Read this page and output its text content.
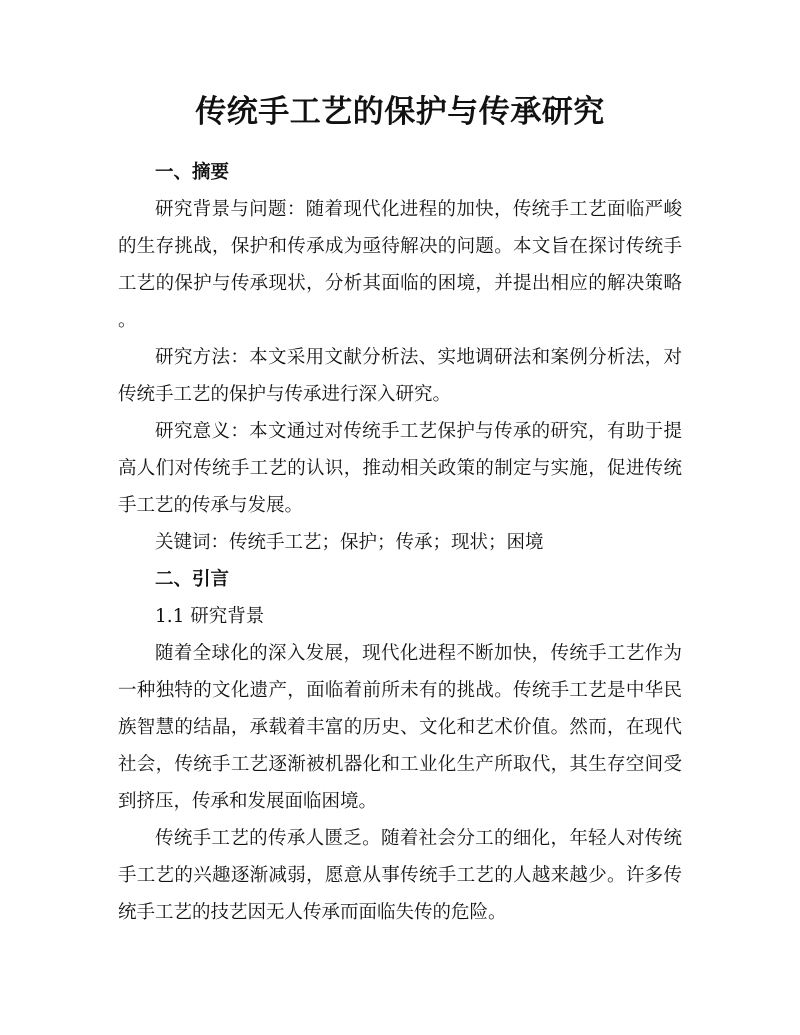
传统手工艺的保护与传承研究
一、摘要

研究背景与问题：随着现代化进程的加快，传统手工艺面临严峻的生存挑战，保护和传承成为亟待解决的问题。本文旨在探讨传统手工艺的保护与传承现状，分析其面临的困境，并提出相应的解决策略。

研究方法：本文采用文献分析法、实地调研法和案例分析法，对传统手工艺的保护与传承进行深入研究。

研究意义：本文通过对传统手工艺保护与传承的研究，有助于提高人们对传统手工艺的认识，推动相关政策的制定与实施，促进传统手工艺的传承与发展。

关键词：传统手工艺；保护；传承；现状；困境

二、引言

1.1 研究背景

随着全球化的深入发展，现代化进程不断加快，传统手工艺作为一种独特的文化遗产，面临着前所未有的挑战。传统手工艺是中华民族智慧的结晶，承载着丰富的历史、文化和艺术价值。然而，在现代社会，传统手工艺逐渐被机器化和工业化生产所取代，其生存空间受到挤压，传承和发展面临困境。

传统手工艺的传承人匮乏。随着社会分工的细化，年轻人对传统手工艺的兴趣逐渐减弱，愿意从事传统手工艺的人越来越少。许多传统手工艺的技艺因无人传承而面临失传的危险。
